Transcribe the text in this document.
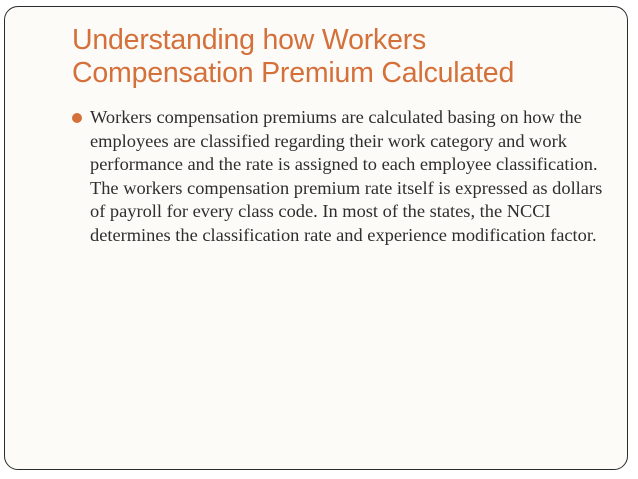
Understanding how Workers
Compensation Premium Calculated
Workers compensation premiums are calculated basing on how the employees are classified regarding their work category and work performance and the rate is assigned to each employee classification. The workers compensation premium rate itself is expressed as dollars of payroll for every class code. In most of the states, the NCCI determines the classification rate and experience modification factor.
